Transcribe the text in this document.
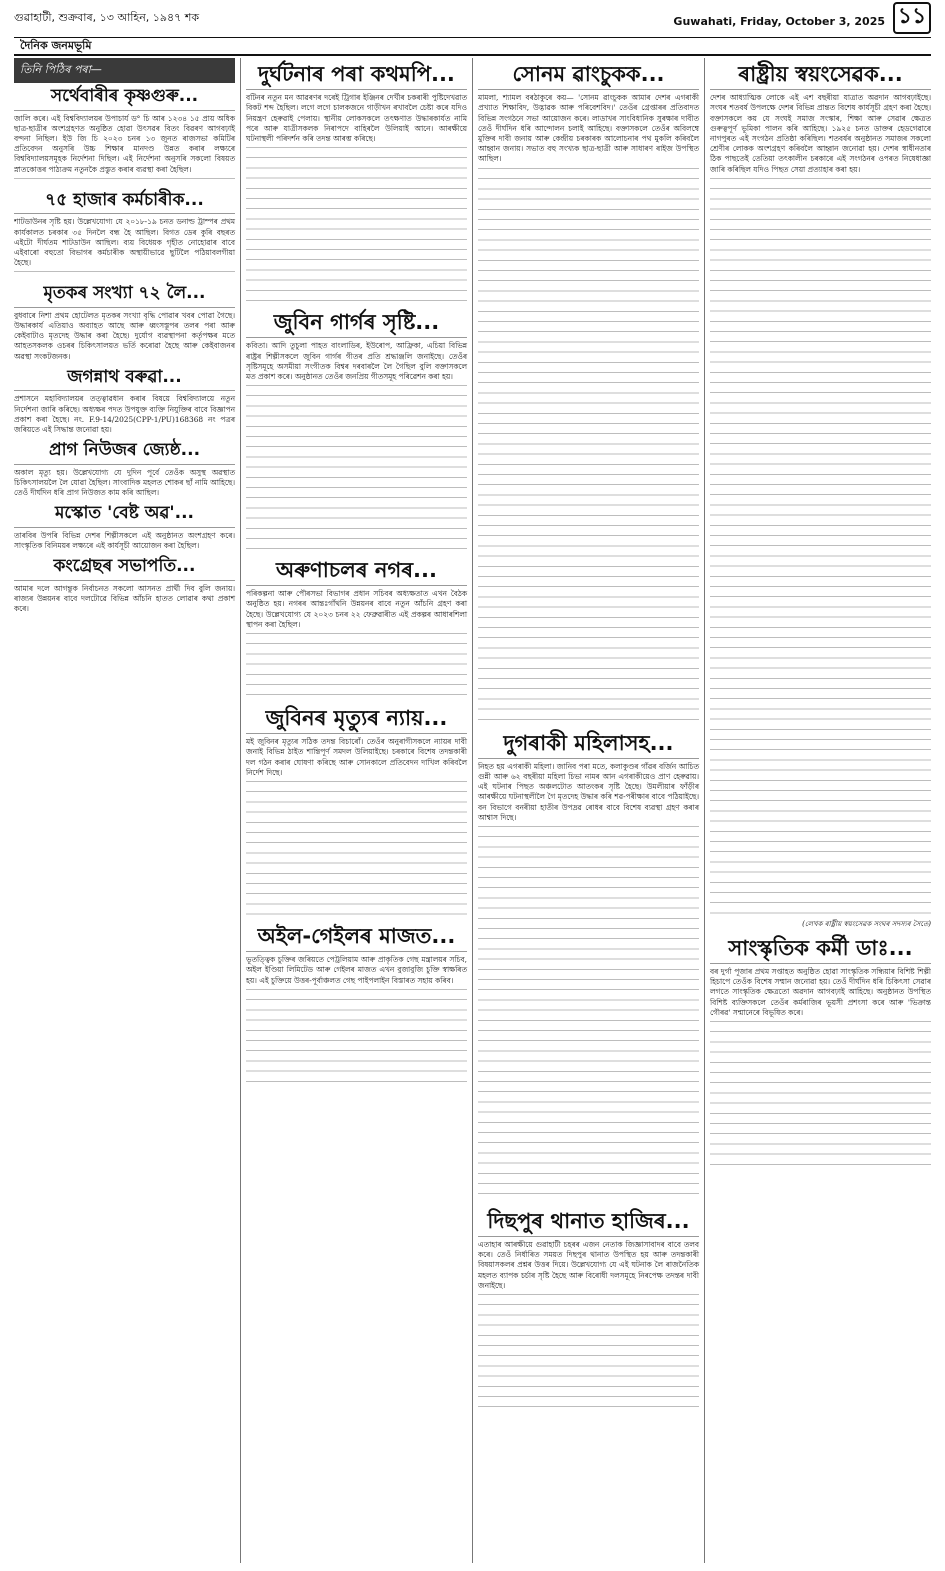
গুৱাহাটী, শুক্ৰবাৰ, ১৩ আহিন, ১৯৪৭ শক	Guwahati, Friday, October 3, 2025 ১১
দৈনিক জনমভূমি
তিনি পিঠিৰ পৰা—
সৰ্থেবাৰীৰ কৃষ্ণগুৰু...
জালি কৰে। এই বিশ্ববিদ্যালয়ৰ উপাচাৰ্য ড° চি আৰ ১২৩৪ ১৫ প্ৰায় অধিক ছাত্ৰ-ছাত্ৰীৰ অংশগ্ৰহণত অনুষ্ঠিত হোৱা উৎসৱৰ বিতং বিৱৰণ আগবঢ়াই বন্দনা নিছিল। ইউ জি চি ২০২৩ চনৰ ১৩ জুনত ৰাজসভা কমিটিৰ প্ৰতিবেদন অনুসৰি উচ্চ শিক্ষাৰ মানদণ্ড উন্নত কৰাৰ লক্ষ্যৰে বিশ্ববিদ্যালয়সমূহক নিৰ্দেশনা দিছিল। এই নিৰ্দেশনা অনুসৰি সকলো বিষয়ত স্নাতকোত্তৰ পাঠ্যক্ৰম নতুনকৈ প্ৰস্তুত কৰাৰ ব্যৱস্থা কৰা হৈছিল।
৭৫ হাজাৰ কৰ্মচাৰীক...
শাটডাউনৰ সৃষ্টি হয়। উল্লেখযোগ্য যে ২০১৮-১৯ চনত ডনাল্ড ট্ৰাম্পৰ প্ৰথম কাৰ্যকালত চৰকাৰ ৩৫ দিনলৈ বন্ধ হৈ আছিল। বিগত ডেৰ কুৰি বছৰত এইটো দীৰ্ঘতম শাটডাউন আছিল। ব্যয় বিধেয়ক গৃহীত নোহোৱাৰ বাবে এইবাৰো বহুতো বিভাগৰ কৰ্মচাৰীক অস্থায়ীভাৱে ছুটিলৈ পঠিয়াবলগীয়া হৈছে।
মৃতকৰ সংখ্যা ৭২ লৈ...
বুধবাৰে নিশা প্ৰথম হোটেলত মৃতকৰ সংখ্যা বৃদ্ধি পোৱাৰ খবৰ পোৱা গৈছে। উদ্ধাৰকাৰ্য এতিয়াও অব্যাহত আছে আৰু ধ্বংসস্তূপৰ তলৰ পৰা আৰু কেইবাটাও মৃতদেহ উদ্ধাৰ কৰা হৈছে। দুৰ্যোগ ব্যৱস্থাপনা কৰ্তৃপক্ষৰ মতে আহতসকলক ওচৰৰ চিকিৎসালয়ত ভৰ্তি কৰোৱা হৈছে আৰু কেইবাজনৰ অৱস্থা সংকটজনক।
জগন্নাথ বৰুৱা...
প্ৰশাসনে মহাবিদ্যালয়ৰ তত্ত্বাৱধান কৰাৰ বিষয়ে বিশ্ববিদ্যালয়ে নতুন নিৰ্দেশনা জাৰি কৰিছে। অধ্যক্ষৰ পদত উপযুক্ত ব্যক্তি নিযুক্তিৰ বাবে বিজ্ঞাপন প্ৰকাশ কৰা হৈছে। নং. F.9-14/2025(CPP-1/PU)168368 নং পত্ৰৰ জৰিয়তে এই সিদ্ধান্ত জনোৱা হয়।
প্ৰাগ নিউজৰ জ্যেষ্ঠ...
অকাল মৃত্যু হয়। উল্লেখযোগ্য যে দুদিন পূৰ্বে তেওঁক অসুস্থ অৱস্থাত চিকিৎসালয়লৈ লৈ যোৱা হৈছিল। সাংবাদিক মহলত শোকৰ ছাঁ নামি আহিছে। তেওঁ দীৰ্ঘদিন ধৰি প্ৰাগ নিউজত কাম কৰি আছিল।
মস্কোত 'বেষ্ট অৱ'...
তাৰবিৰ উপৰি বিভিন্ন দেশৰ শিল্পীসকলে এই অনুষ্ঠানত অংশগ্ৰহণ কৰে। সাংস্কৃতিক বিনিময়ৰ লক্ষ্যৰে এই কাৰ্যসূচী আয়োজন কৰা হৈছিল।
কংগ্ৰেছৰ সভাপতি...
আমাৰ দলে আগন্তুক নিৰ্বাচনত সকলো আসনত প্ৰাৰ্থী দিব বুলি জনায়। ৰাজ্যৰ উন্নয়নৰ বাবে দলটোৱে বিভিন্ন আঁচনি হাতত লোৱাৰ কথা প্ৰকাশ কৰে।
দুৰ্ঘটনাৰ পৰা কথমপি...
বটিনৰ নতুন মন আৱৰণৰ দৰেই ট্ৰিগাৰ ইঞ্জিনৰ দেৰ্খীৰ চকৰাৰী পুষ্টিদেখৱাত বিকট শব্দ হৈছিল। লগে লগে চালকজনে গাড়ীখন ৰখাবলৈ চেষ্টা কৰে যদিও নিয়ন্ত্ৰণ হেৰুৱাই পেলায়। স্থানীয় লোকসকলে তৎক্ষণাত উদ্ধাৰকাৰ্যত নামি পৰে আৰু যাত্ৰীসকলক নিৰাপদে বাহিৰলৈ উলিয়াই আনে। আৰক্ষীয়ে ঘটনাস্থলী পৰিদৰ্শন কৰি তদন্ত আৰম্ভ কৰিছে।
জুবিন গাৰ্গৰ সৃষ্টি...
কবিতা। আদি তুচুলা পাহত বাংলাডিৰ, ইউৰোপ, আফ্ৰিকা, এচিয়া বিভিন্ন ৰাষ্ট্ৰৰ শিল্পীসকলে জুবিন গাৰ্গৰ গীতৰ প্ৰতি শ্ৰদ্ধাঞ্জলি জনাইছে। তেওঁৰ সৃষ্টিসমূহে অসমীয়া সংগীতক বিশ্বৰ দৰবাৰলৈ লৈ গৈছিল বুলি বক্তাসকলে মত প্ৰকাশ কৰে। অনুষ্ঠানত তেওঁৰ জনপ্ৰিয় গীতসমূহ পৰিৱেশন কৰা হয়।
অৰুণাচলৰ নগৰ...
পৰিকল্পনা আৰু পৌৰসভা বিভাগৰ প্ৰধান সচিবৰ অধ্যক্ষতাত এখন বৈঠক অনুষ্ঠিত হয়। নগৰৰ আন্তঃগাঁথনি উন্নয়নৰ বাবে নতুন আঁচনি গ্ৰহণ কৰা হৈছে। উল্লেখযোগ্য যে ২০২৩ চনৰ ২২ ফেব্ৰুৱাৰীত এই প্ৰকল্পৰ আধাৰশিলা স্থাপন কৰা হৈছিল।
জুবিনৰ মৃত্যুৰ ন্যায়...
মই জুবিনৰ মৃত্যুৰ সঠিক তদন্ত বিচাৰোঁ। তেওঁৰ অনুৰাগীসকলে ন্যায়ৰ দাবী জনাই বিভিন্ন ঠাইত শান্তিপূৰ্ণ সমদল উলিয়াইছে। চৰকাৰে বিশেষ তদন্তকাৰী দল গঠন কৰাৰ ঘোষণা কৰিছে আৰু সোনকালে প্ৰতিবেদন দাখিল কৰিবলৈ নিৰ্দেশ দিছে।
অইল-গেইলৰ মাজত...
ভূতত্ত্বিক চুক্তিৰ জৰিয়তে পেট্ৰলিয়াম আৰু প্ৰাকৃতিক গেছ মন্ত্ৰালয়ৰ সচিব, অইল ইণ্ডিয়া লিমিটেড আৰু গেইলৰ মাজত এখন বুজাবুজি চুক্তি স্বাক্ষৰিত হয়। এই চুক্তিয়ে উত্তৰ-পূৰ্বাঞ্চলত গেছ পাইপলাইন বিস্তাৰত সহায় কৰিব।
সোনম ৱাংচুকক...
মামলা, শ্যামল বৰঠাকুৰে কয়— 'সোনম ৱাংচুকক আমাৰ দেশৰ এগৰাকী প্ৰখ্যাত শিক্ষাবিদ, উদ্ভাৱক আৰু পৰিবেশবিদ।' তেওঁৰ গ্ৰেপ্তাৰৰ প্ৰতিবাদত বিভিন্ন সংগঠনে সভা আয়োজন কৰে। লাডাখৰ সাংবিধানিক সুৰক্ষাৰ দাবীত তেওঁ দীৰ্ঘদিন ধৰি আন্দোলন চলাই আহিছে। বক্তাসকলে তেওঁৰ অবিলম্বে মুক্তিৰ দাবী জনায় আৰু কেন্দ্ৰীয় চৰকাৰক আলোচনাৰ পথ মুকলি কৰিবলৈ আহ্বান জনায়। সভাত বহু সংখ্যক ছাত্ৰ-ছাত্ৰী আৰু সাধাৰণ ৰাইজ উপস্থিত আছিল।
দুগৰাকী মহিলাসহ...
নিহত হয় এগৰাকী মহিলা। জানিব পৰা মতে, কলাকুণ্ডৰ গাঁৱৰ বৰ্জিন আচিত গুন্নী আৰু ৬২ বছৰীয়া মহিলা চিভা নামৰ আন এগৰাকীয়েও প্ৰাণ হেৰুৱায়। এই ঘটনাৰ পিছত অঞ্চলটোত আতংকৰ সৃষ্টি হৈছে। উমলীয়াৰ ফাঁড়ীৰ আৰক্ষীয়ে ঘটনাস্থলীলৈ গৈ মৃতদেহ উদ্ধাৰ কৰি শৱ-পৰীক্ষাৰ বাবে পঠিয়াইছে। বন বিভাগে বনৰীয়া হাতীৰ উপদ্ৰৱ ৰোধৰ বাবে বিশেষ ব্যৱস্থা গ্ৰহণ কৰাৰ আশ্বাস দিছে।
দিছপুৰ থানাত হাজিৰ...
এতাহাৰ আৰক্ষীয়ে গুৱাহাটী চহৰৰ এজন নেতাক জিজ্ঞাসাবাদৰ বাবে তলব কৰে। তেওঁ নিৰ্ধাৰিত সময়ত দিছপুৰ থানাত উপস্থিত হয় আৰু তদন্তকাৰী বিষয়াসকলৰ প্ৰশ্নৰ উত্তৰ দিয়ে। উল্লেখযোগ্য যে এই ঘটনাক লৈ ৰাজনৈতিক মহলত ব্যাপক চৰ্চাৰ সৃষ্টি হৈছে আৰু বিৰোধী দলসমূহে নিৰপেক্ষ তদন্তৰ দাবী জনাইছে।
ৰাষ্ট্ৰীয় স্বয়ংসেৱক...
দেশৰ আধ্যাত্মিক লোকে এই এশ বছৰীয়া যাত্ৰাত অৱদান আগবঢ়াইছে। সংঘৰ শতবৰ্ষ উপলক্ষে দেশৰ বিভিন্ন প্ৰান্তত বিশেষ কাৰ্যসূচী গ্ৰহণ কৰা হৈছে। বক্তাসকলে কয় যে সংঘই সমাজ সংস্কাৰ, শিক্ষা আৰু সেৱাৰ ক্ষেত্ৰত গুৰুত্বপূৰ্ণ ভূমিকা পালন কৰি আহিছে। ১৯২৫ চনত ডাক্তৰ হেডগেৱাৰে নাগপুৰত এই সংগঠন প্ৰতিষ্ঠা কৰিছিল। শতবৰ্ষৰ অনুষ্ঠানত সমাজৰ সকলো শ্ৰেণীৰ লোকক অংশগ্ৰহণ কৰিবলৈ আহ্বান জনোৱা হয়। দেশৰ স্বাধীনতাৰ ঠিক পাছতেই তেতিয়া তৎকালীন চৰকাৰে এই সংগঠনৰ ওপৰত নিষেধাজ্ঞা জাৰি কৰিছিল যদিও পিছত সেয়া প্ৰত্যাহাৰ কৰা হয়।
(লেখক ৰাষ্ট্ৰীয় স্বয়ংসেৱক সংঘৰ সদস্যৰ সৈতে)
সাংস্কৃতিক কৰ্মী ডাঃ...
বৰ দুৰ্গা পূজাৰ প্ৰথম সপ্তাহত অনুষ্ঠিত হোৱা সাংস্কৃতিক সন্ধিয়াৰ বিশিষ্ট শিল্পী হিচাপে তেওঁক বিশেষ সম্মান জনোৱা হয়। তেওঁ দীৰ্ঘদিন ধৰি চিকিৎসা সেৱাৰ লগতে সাংস্কৃতিক ক্ষেত্ৰতো অৱদান আগবঢ়াই আহিছে। অনুষ্ঠানত উপস্থিত বিশিষ্ট ব্যক্তিসকলে তেওঁৰ কৰ্মৰাজিৰ ভূয়সী প্ৰশংসা কৰে আৰু 'ভিক্ৰান্ত গৌৰৱ' সন্মানেৰে বিভূষিত কৰে।
